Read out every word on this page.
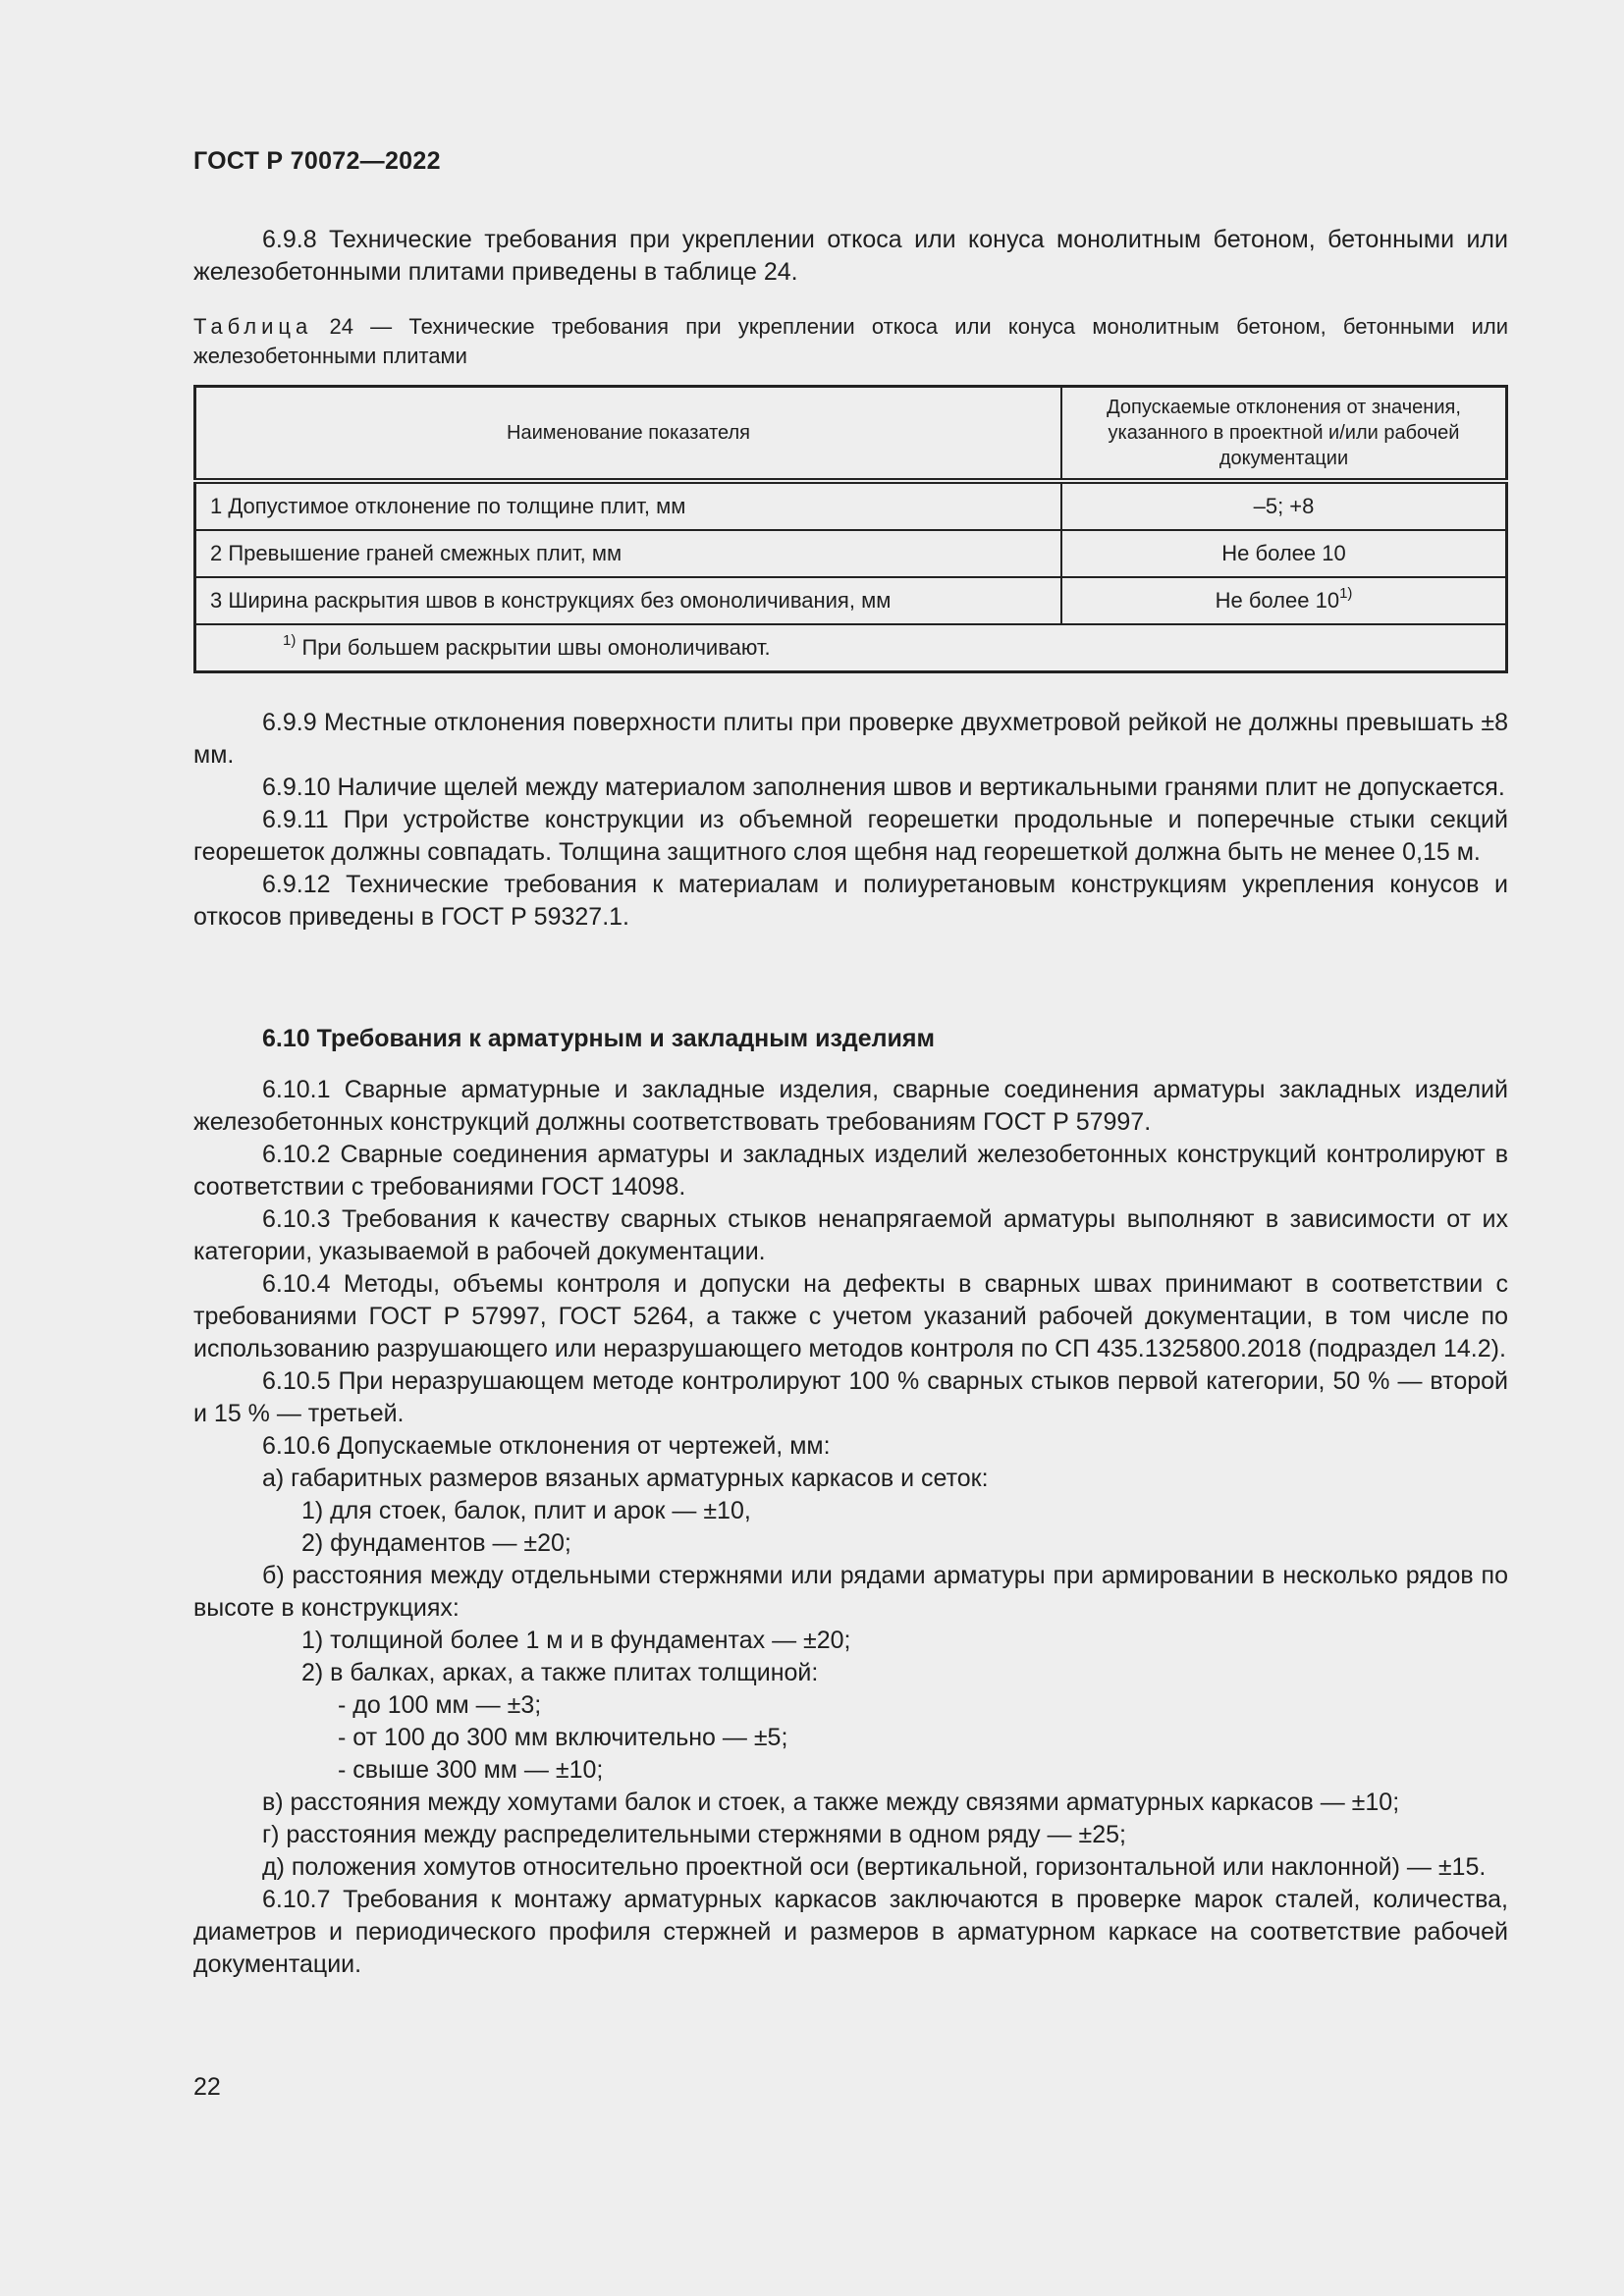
ГОСТ Р 70072—2022

6.9.8 Технические требования при укреплении откоса или конуса монолитным бетоном, бетонными или железобетонными плитами приведены в таблице 24.

Таблица 24 — Технические требования при укреплении откоса или конуса монолитным бетоном, бетонными или железобетонными плитами
Наименование показателя	Допускаемые отклонения от значения, указанного в проектной и/или рабочей документации
1 Допустимое отклонение по толщине плит, мм	–5; +8
2 Превышение граней смежных плит, мм	Не более 10
3 Ширина раскрытия швов в конструкциях без омоноличивания, мм	Не более 10$^{1)}$
$^{1)}$ При большем раскрытии швы омоноличивают.	

6.9.9 Местные отклонения поверхности плиты при проверке двухметровой рейкой не должны превышать ±8 мм.

6.9.10 Наличие щелей между материалом заполнения швов и вертикальными гранями плит не допускается.

6.9.11 При устройстве конструкции из объемной георешетки продольные и поперечные стыки секций георешеток должны совпадать. Толщина защитного слоя щебня над георешеткой должна быть не менее 0,15 м.

6.9.12 Технические требования к материалам и полиуретановым конструкциям укрепления конусов и откосов приведены в ГОСТ Р 59327.1.

6.10 Требования к арматурным и закладным изделиям

6.10.1 Сварные арматурные и закладные изделия, сварные соединения арматуры закладных изделий железобетонных конструкций должны соответствовать требованиям ГОСТ Р 57997.

6.10.2 Сварные соединения арматуры и закладных изделий железобетонных конструкций контролируют в соответствии с требованиями ГОСТ 14098.

6.10.3 Требования к качеству сварных стыков ненапрягаемой арматуры выполняют в зависимости от их категории, указываемой в рабочей документации.

6.10.4 Методы, объемы контроля и допуски на дефекты в сварных швах принимают в соответствии с требованиями ГОСТ Р 57997, ГОСТ 5264, а также с учетом указаний рабочей документации, в том числе по использованию разрушающего или неразрушающего методов контроля по СП 435.1325800.2018 (подраздел 14.2).

6.10.5 При неразрушающем методе контролируют 100 % сварных стыков первой категории, 50 % — второй и 15 % — третьей.

6.10.6 Допускаемые отклонения от чертежей, мм:

а) габаритных размеров вязаных арматурных каркасов и сеток:

1) для стоек, балок, плит и арок — ±10,

2) фундаментов — ±20;

б) расстояния между отдельными стержнями или рядами арматуры при армировании в несколько рядов по высоте в конструкциях:

1) толщиной более 1 м и в фундаментах — ±20;

2) в балках, арках, а также плитах толщиной:

- до 100 мм — ±3;

- от 100 до 300 мм включительно — ±5;

- свыше 300 мм — ±10;

в) расстояния между хомутами балок и стоек, а также между связями арматурных каркасов — ±10;

г) расстояния между распределительными стержнями в одном ряду — ±25;

д) положения хомутов относительно проектной оси (вертикальной, горизонтальной или наклонной) — ±15.

6.10.7 Требования к монтажу арматурных каркасов заключаются в проверке марок сталей, количества, диаметров и периодического профиля стержней и размеров в арматурном каркасе на соответствие рабочей документации.

22
